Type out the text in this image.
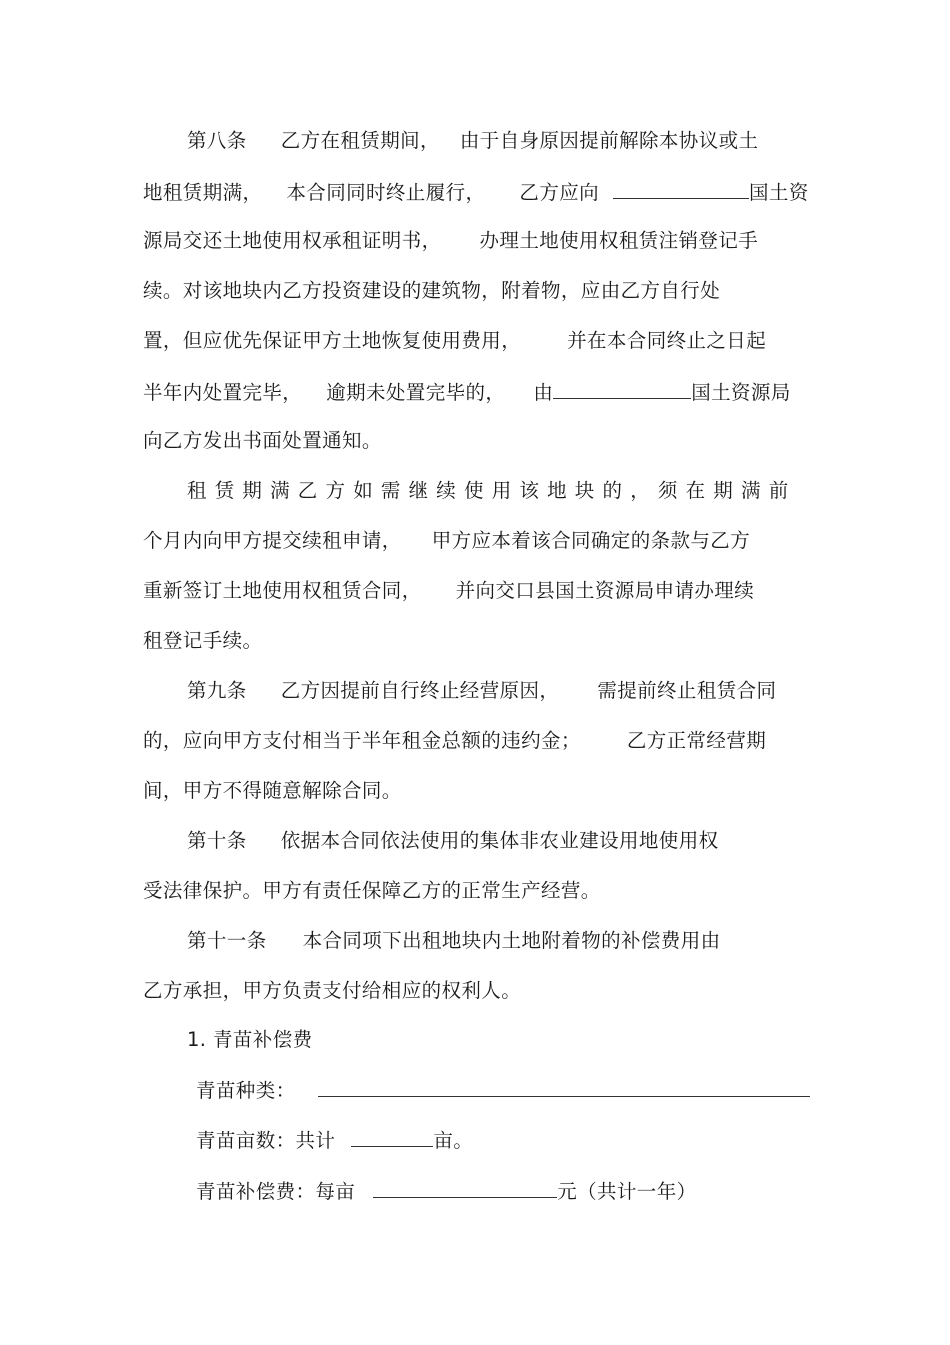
第八条 乙方在租赁期间， 由于自身原因提前解除本协议或土
地租赁期满， 本合同同时终止履行， 乙方应向	国土资
源局交还土地使用权承租证明书， 办理土地使用权租赁注销登记手
续。对该地块内乙方投资建设的建筑物，附着物，应由乙方自行处
置，但应优先保证甲方土地恢复使用费用， 并在本合同终止之日起
半年内处置完毕， 逾期未处置完毕的， 由	国土资源局
向乙方发出书面处置通知。
租赁期满乙方如需继续使用该地块的，须在期满前
个月内向甲方提交续租申请， 甲方应本着该合同确定的条款与乙方
重新签订土地使用权租赁合同， 并向交口县国土资源局申请办理续
租登记手续。
第九条 乙方因提前自行终止经营原因， 需提前终止租赁合同
的，应向甲方支付相当于半年租金总额的违约金； 乙方正常经营期
间，甲方不得随意解除合同。
第十条 依据本合同依法使用的集体非农业建设用地使用权
受法律保护。甲方有责任保障乙方的正常生产经营。
第十一条 本合同项下出租地块内土地附着物的补偿费用由
乙方承担，甲方负责支付给相应的权利人。
1. 青苗补偿费
青苗种类：
青苗亩数：共计	亩。
青苗补偿费：每亩	元（共计一年）
